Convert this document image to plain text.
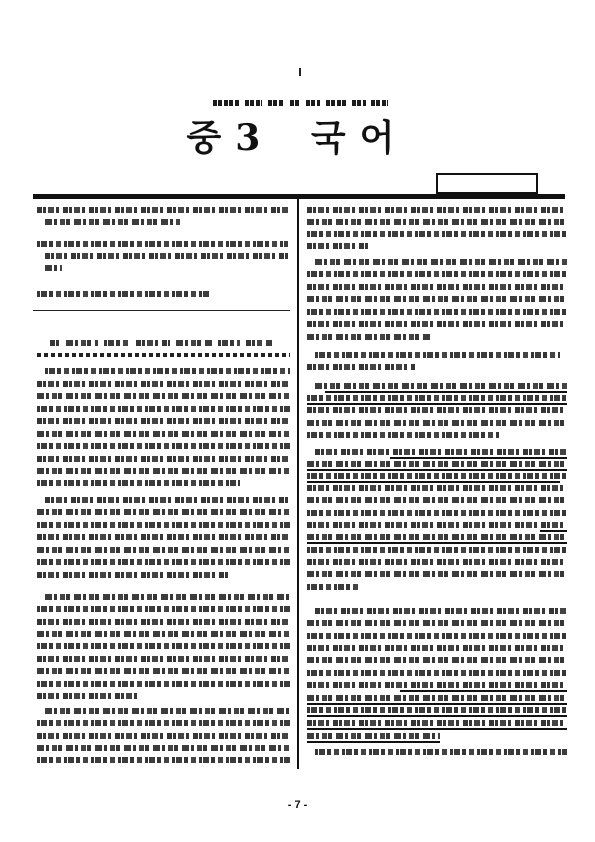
중3 국어
- 7 -
